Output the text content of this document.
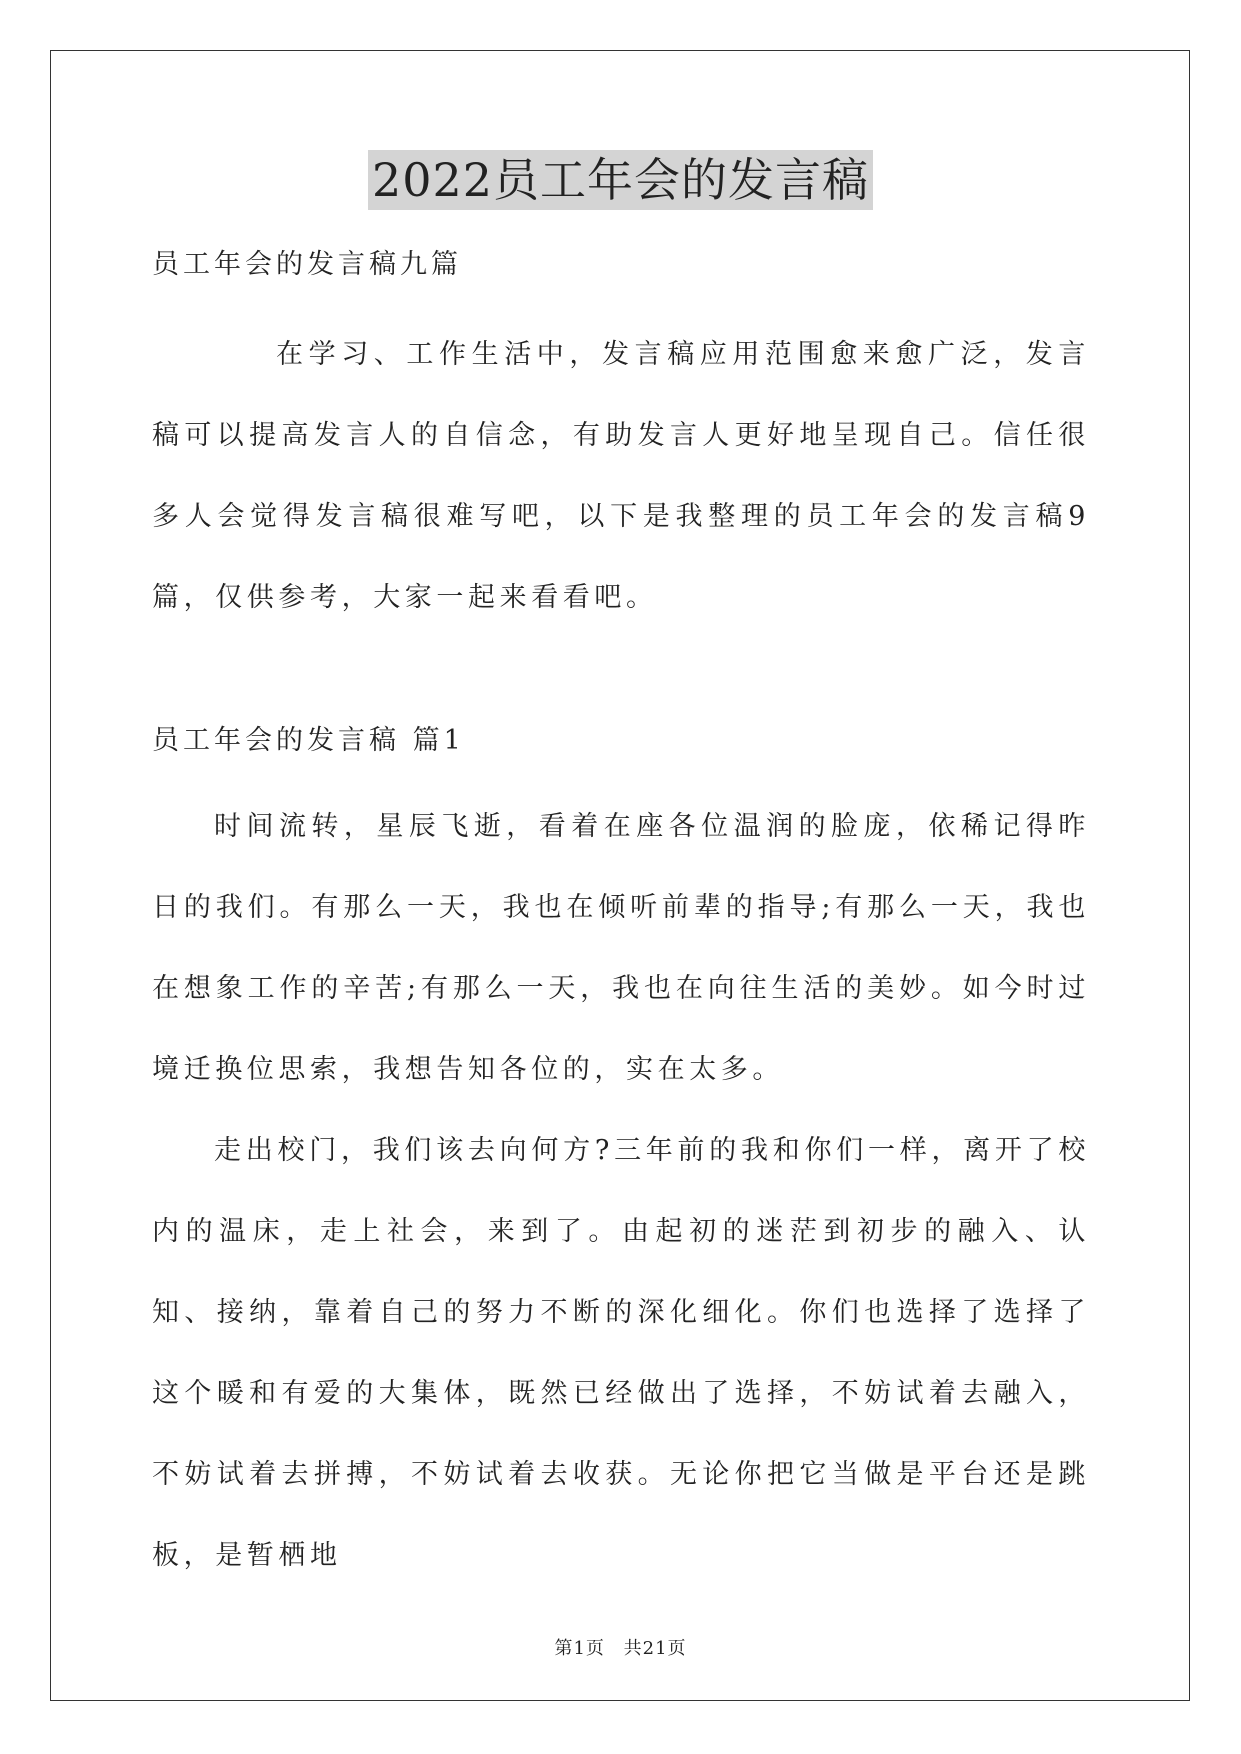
2022员工年会的发言稿

员工年会的发言稿九篇

在学习、工作生活中，发言稿应用范围愈来愈广泛，发言稿可以提高发言人的自信念，有助发言人更好地呈现自己。信任很多人会觉得发言稿很难写吧，以下是我整理的员工年会的发言稿9篇，仅供参考，大家一起来看看吧。

员工年会的发言稿 篇1

时间流转，星辰飞逝，看着在座各位温润的脸庞，依稀记得昨日的我们。有那么一天，我也在倾听前辈的指导;有那么一天，我也在想象工作的辛苦;有那么一天，我也在向往生活的美妙。如今时过境迁换位思索，我想告知各位的，实在太多。

走出校门，我们该去向何方?三年前的我和你们一样，离开了校内的温床，走上社会，来到了。由起初的迷茫到初步的融入、认知、接纳，靠着自己的努力不断的深化细化。你们也选择了选择了这个暖和有爱的大集体，既然已经做出了选择，不妨试着去融入，不妨试着去拼搏，不妨试着去收获。无论你把它当做是平台还是跳板，是暂栖地

第1页 共21页
